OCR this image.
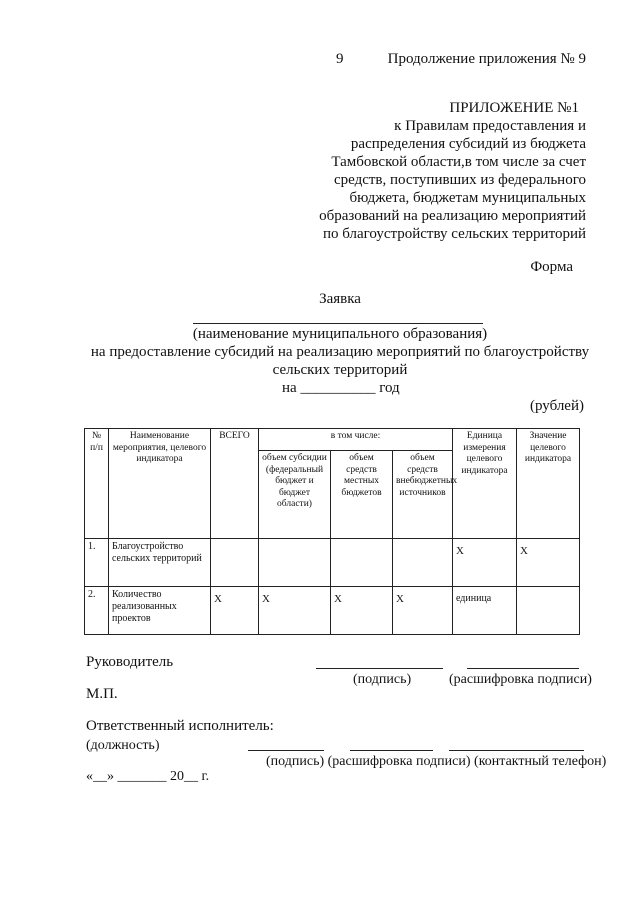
9	Продолжение приложения № 9
ПРИЛОЖЕНИЕ №1
к Правилам предоставления и
распределения субсидий из бюджета
Тамбовской области,в том числе за счет
средств, поступивших из федерального
бюджета, бюджетам муниципальных
образований на реализацию мероприятий
по благоустройству сельских территорий
Форма
Заявка
(наименование муниципального образования)
на предоставление субсидий на реализацию мероприятий по благоустройству
сельских территорий
на __________ год
(рублей)
№ п/п	Наименование мероприятия, целевого индикатора	ВСЕГО	в том числе:			Единица измерения целевого индикатора	Значение целевого индикатора
			объем субсидии (федеральный бюджет и бюджет области)	объем средств местных бюджетов	объем средств внебюджетных источников		
1.	Благоустройство сельских территорий					X	X
2.	Количество реализованных проектов	X	X	X	X	единица	
Руководитель
(подпись)	(расшифровка подписи)
М.П.
Ответственный исполнитель:
(должность)
(подпись) (расшифровка подписи) (контактный телефон)
«__» _______ 20__ г.
